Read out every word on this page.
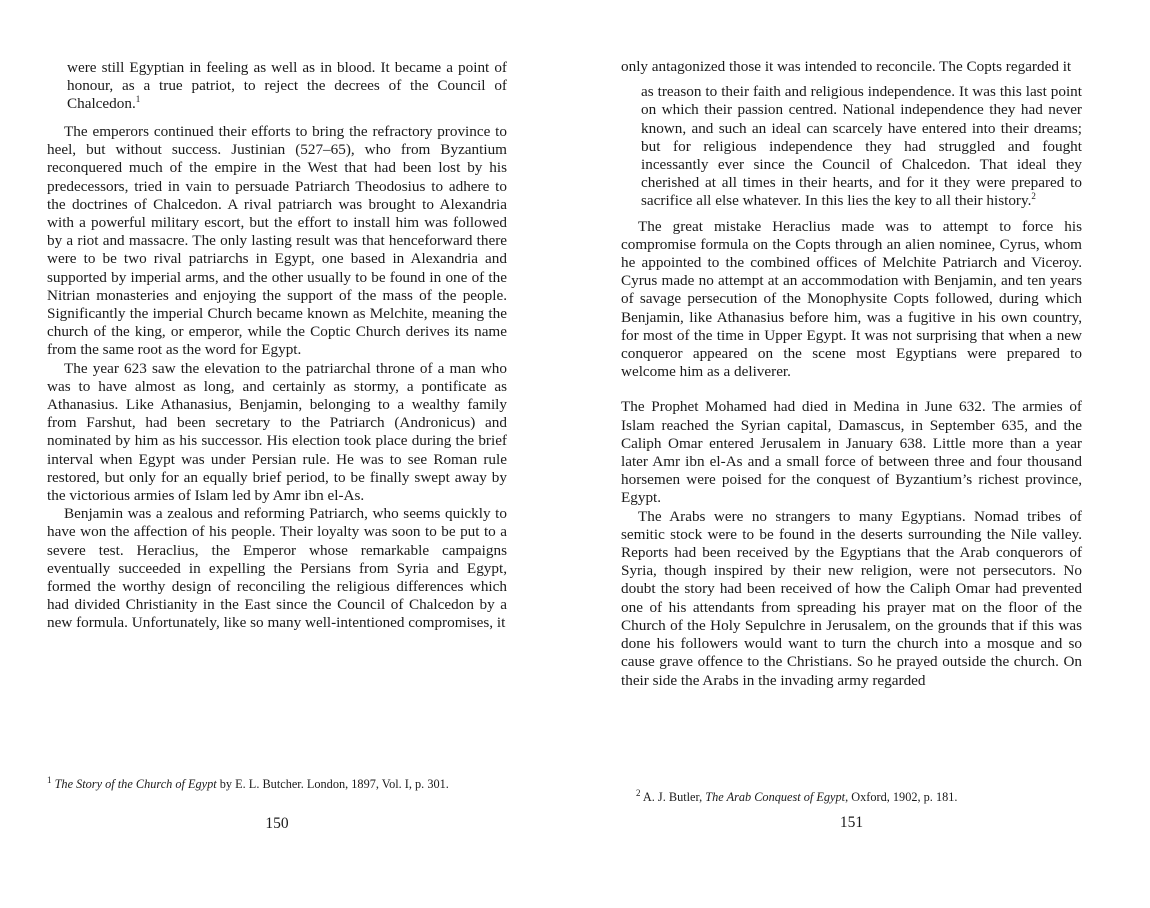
were still Egyptian in feeling as well as in blood. It became a point of honour, as a true patriot, to reject the decrees of the Council of Chalcedon.$^1$

The emperors continued their efforts to bring the refractory province to heel, but without success. Justinian (527–65), who from Byzantium reconquered much of the empire in the West that had been lost by his predecessors, tried in vain to persuade Patriarch Theodosius to adhere to the doctrines of Chalcedon. A rival patriarch was brought to Alexandria with a powerful military escort, but the effort to install him was followed by a riot and massacre. The only lasting result was that henceforward there were to be two rival patriarchs in Egypt, one based in Alexandria and supported by imperial arms, and the other usually to be found in one of the Nitrian monasteries and enjoying the support of the mass of the people. Significantly the imperial Church became known as Melchite, meaning the church of the king, or emperor, while the Coptic Church derives its name from the same root as the word for Egypt.

The year 623 saw the elevation to the patriarchal throne of a man who was to have almost as long, and certainly as stormy, a pontificate as Athanasius. Like Athanasius, Benjamin, belonging to a wealthy family from Farshut, had been secretary to the Patriarch (Andronicus) and nominated by him as his successor. His election took place during the brief interval when Egypt was under Persian rule. He was to see Roman rule restored, but only for an equally brief period, to be finally swept away by the victorious armies of Islam led by Amr ibn el-As.

Benjamin was a zealous and reforming Patriarch, who seems quickly to have won the affection of his people. Their loyalty was soon to be put to a severe test. Heraclius, the Emperor whose remarkable campaigns eventually succeeded in expelling the Persians from Syria and Egypt, formed the worthy design of reconciling the religious differences which had divided Christianity in the East since the Council of Chalcedon by a new formula. Unfortunately, like so many well-intentioned compromises, it

$^1$ The Story of the Church of Egypt by E. L. Butcher. London, 1897, Vol. I, p. 301.

150

only antagonized those it was intended to reconcile. The Copts regarded it

as treason to their faith and religious independence. It was this last point on which their passion centred. National independence they had never known, and such an ideal can scarcely have entered into their dreams; but for religious independence they had struggled and fought incessantly ever since the Council of Chalcedon. That ideal they cherished at all times in their hearts, and for it they were prepared to sacrifice all else whatever. In this lies the key to all their history.$^2$

The great mistake Heraclius made was to attempt to force his compromise formula on the Copts through an alien nominee, Cyrus, whom he appointed to the combined offices of Melchite Patriarch and Viceroy. Cyrus made no attempt at an accommodation with Benjamin, and ten years of savage persecution of the Monophysite Copts followed, during which Benjamin, like Athanasius before him, was a fugitive in his own country, for most of the time in Upper Egypt. It was not surprising that when a new conqueror appeared on the scene most Egyptians were prepared to welcome him as a deliverer.

The Prophet Mohamed had died in Medina in June 632. The armies of Islam reached the Syrian capital, Damascus, in September 635, and the Caliph Omar entered Jerusalem in January 638. Little more than a year later Amr ibn el-As and a small force of between three and four thousand horsemen were poised for the conquest of Byzantium’s richest province, Egypt.

The Arabs were no strangers to many Egyptians. Nomad tribes of semitic stock were to be found in the deserts surrounding the Nile valley. Reports had been received by the Egyptians that the Arab conquerors of Syria, though inspired by their new religion, were not persecutors. No doubt the story had been received of how the Caliph Omar had prevented one of his attendants from spreading his prayer mat on the floor of the Church of the Holy Sepulchre in Jerusalem, on the grounds that if this was done his followers would want to turn the church into a mosque and so cause grave offence to the Christians. So he prayed outside the church. On their side the Arabs in the invading army regarded

$^2$ A. J. Butler, The Arab Conquest of Egypt, Oxford, 1902, p. 181.

151
